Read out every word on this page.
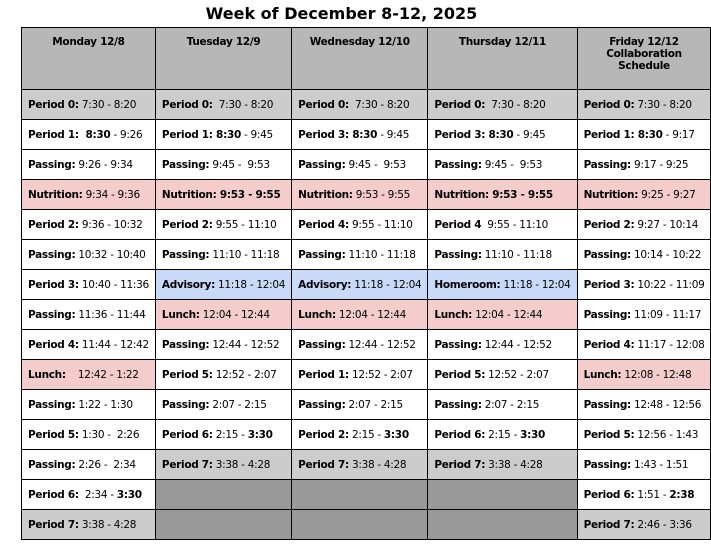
Week of December 8-12, 2025
Monday 12/8	Tuesday 12/9	Wednesday 12/10	Thursday 12/11	Friday 12/12 Collaboration Schedule
Period 0: 7:30 - 8:20	Period 0:  7:30 - 8:20	Period 0:  7:30 - 8:20	Period 0:  7:30 - 8:20	Period 0: 7:30 - 8:20
Period 1:  8:30 - 9:26	Period 1: 8:30 - 9:45	Period 3: 8:30 - 9:45	Period 3: 8:30 - 9:45	Period 1: 8:30 - 9:17
Passing: 9:26 - 9:34	Passing: 9:45 -  9:53	Passing: 9:45 -  9:53	Passing: 9:45 -  9:53	Passing: 9:17 - 9:25
Nutrition: 9:34 - 9:36	Nutrition: 9:53 - 9:55	Nutrition: 9:53 - 9:55	Nutrition: 9:53 - 9:55	Nutrition: 9:25 - 9:27
Period 2: 9:36 - 10:32	Period 2: 9:55 - 11:10	Period 4: 9:55 - 11:10	Period 4  9:55 - 11:10	Period 2: 9:27 - 10:14
Passing: 10:32 - 10:40	Passing: 11:10 - 11:18	Passing: 11:10 - 11:18	Passing: 11:10 - 11:18	Passing: 10:14 - 10:22
Period 3: 10:40 - 11:36	Advisory: 11:18 - 12:04	Advisory: 11:18 - 12:04	Homeroom: 11:18 - 12:04	Period 3: 10:22 - 11:09
Passing: 11:36 - 11:44	Lunch: 12:04 - 12:44	Lunch: 12:04 - 12:44	Lunch: 12:04 - 12:44	Passing: 11:09 - 11:17
Period 4: 11:44 - 12:42	Passing: 12:44 - 12:52	Passing: 12:44 - 12:52	Passing: 12:44 - 12:52	Period 4: 11:17 - 12:08
Lunch:    12:42 - 1:22	Period 5: 12:52 - 2:07	Period 1: 12:52 - 2:07	Period 5: 12:52 - 2:07	Lunch: 12:08 - 12:48
Passing: 1:22 - 1:30	Passing: 2:07 - 2:15	Passing: 2:07 - 2:15	Passing: 2:07 - 2:15	Passing: 12:48 - 12:56
Period 5: 1:30 -  2:26	Period 6: 2:15 - 3:30	Period 2: 2:15 - 3:30	Period 6: 2:15 - 3:30	Period 5: 12:56 - 1:43
Passing: 2:26 -  2:34	Period 7: 3:38 - 4:28	Period 7: 3:38 - 4:28	Period 7: 3:38 - 4:28	Passing: 1:43 - 1:51
Period 6:  2:34 - 3:30				Period 6: 1:51 - 2:38
Period 7: 3:38 - 4:28				Period 7: 2:46 - 3:36
